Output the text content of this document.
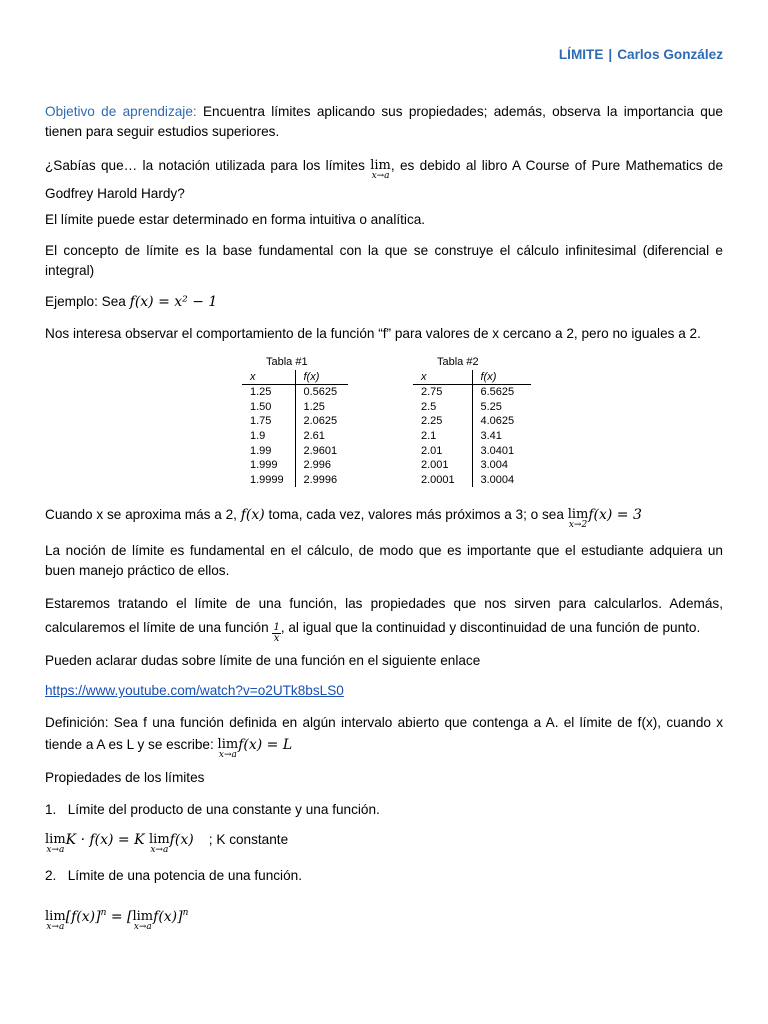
LÍMITE | Carlos González
Objetivo de aprendizaje: Encuentra límites aplicando sus propiedades; además, observa la importancia que tienen para seguir estudios superiores.
¿Sabías que… la notación utilizada para los límites lim
x→a
, es debido al libro A Course of Pure Mathematics de Godfrey Harold Hardy?
El límite puede estar determinado en forma intuitiva o analítica.
El concepto de límite es la base fundamental con la que se construye el cálculo infinitesimal (diferencial e integral)
Ejemplo: Sea f(x) = x² − 1
Nos interesa observar el comportamiento de la función “f” para valores de x cercano a 2, pero no iguales a 2.
Tabla #1
x	f(x)
1.25	0.5625
1.50	1.25
1.75	2.0625
1.9	2.61
1.99	2.9601
1.999	2.996
1.9999	2.9996
Tabla #2
x	f(x)
2.75	6.5625
2.5	5.25
2.25	4.0625
2.1	3.41
2.01	3.0401
2.001	3.004
2.0001	3.0004
Cuando x se aproxima más a 2, f(x) toma, cada vez, valores más próximos a 3; o sea lim
x→2
f(x) = 3
La noción de límite es fundamental en el cálculo, de modo que es importante que el estudiante adquiera un buen manejo práctico de ellos.
Estaremos tratando el límite de una función, las propiedades que nos sirven para calcularlos. Además, calcularemos el límite de una función $\frac{1}{x}$ , al igual que la continuidad y discontinuidad de una función de punto.
Pueden aclarar dudas sobre límite de una función en el siguiente enlace
https://www.youtube.com/watch?v=o2UTk8bsLS0
Definición: Sea f una función definida en algún intervalo abierto que contenga a A. el límite de f(x), cuando x tiende a A es L y se escribe: lim
x→a
f(x) = L
Propiedades de los límites
1. Límite del producto de una constante y una función.
lim
x→a
K · f(x) = K lim
x→a
f(x) ; K constante
2. Límite de una potencia de una función.
lim
x→a
$[f(x)]^n$ = [ lim
x→a
f(x)]$^n$
